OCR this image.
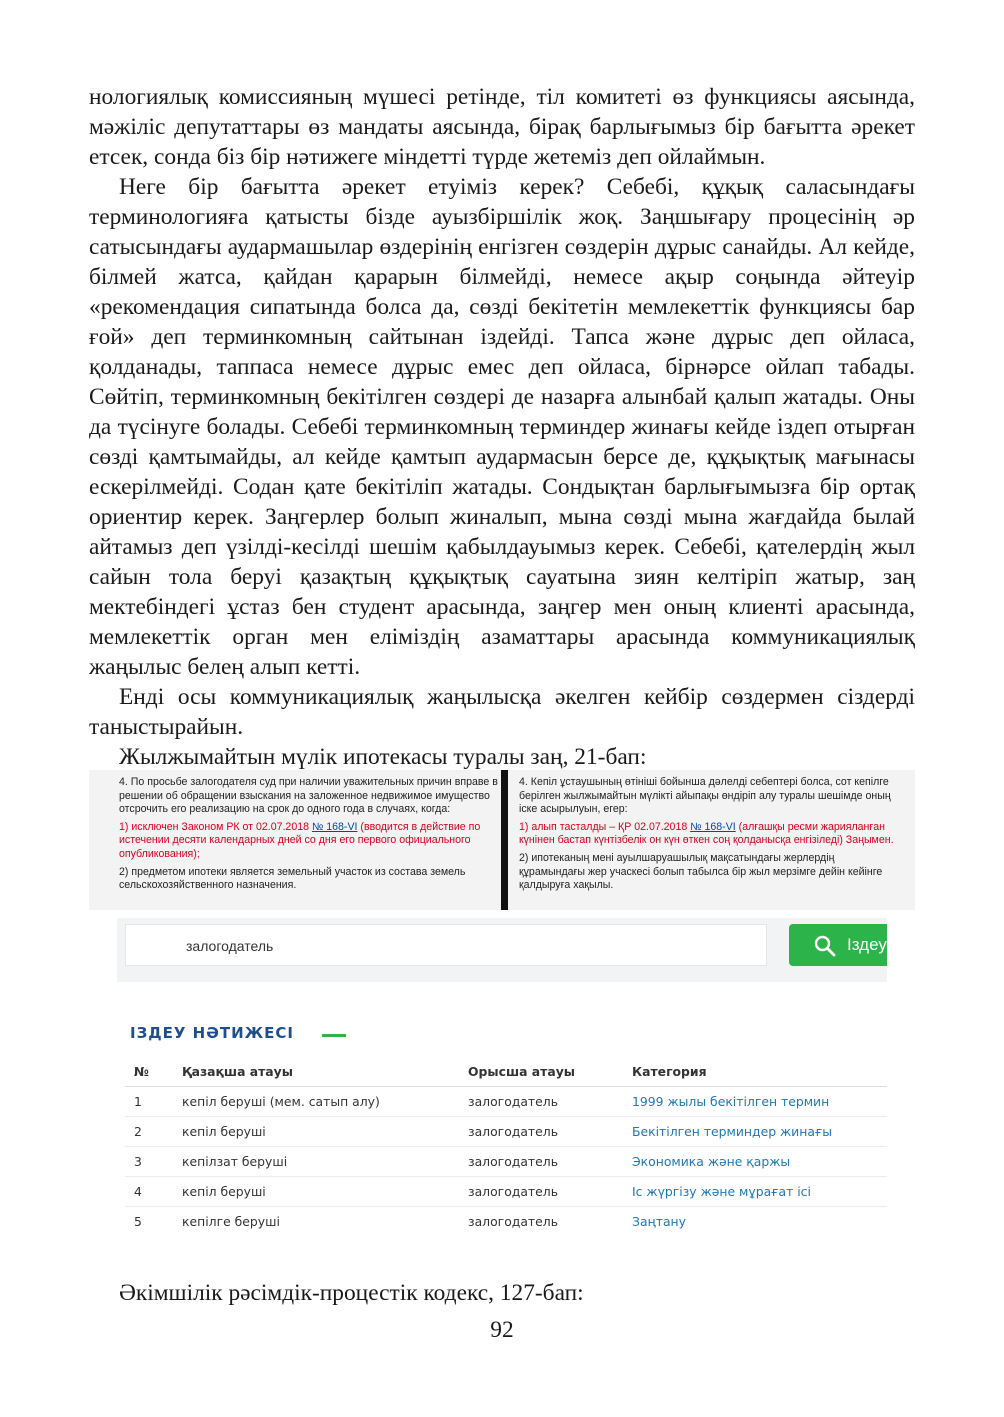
нологиялық комиссияның мүшесі ретінде, тіл комитеті өз функциясы аясында, мәжіліс депутаттары өз мандаты аясында, бірақ барлығымыз бір бағытта әрекет етсек, сонда біз бір нәтижеге міндетті түрде жетеміз деп ойлаймын.

Неге бір бағытта әрекет етуіміз керек? Себебі, құқық саласындағы терминологияға қатысты бізде ауызбіршілік жоқ. Заңшығару процесінің әр сатысындағы аудармашылар өздерінің енгізген сөздерін дұрыс санайды. Ал кейде, білмей жатса, қайдан қарарын білмейді, немесе ақыр соңында әйтеуір «рекомендация сипатында болса да, сөзді бекітетін мемлекеттік функциясы бар ғой» деп терминкомның сайтынан іздейді. Тапса және дұрыс деп ойласа, қолданады, таппаса немесе дұрыс емес деп ойласа, бірнәрсе ойлап табады. Сөйтіп, терминкомның бекітілген сөздері де назарға алынбай қалып жатады. Оны да түсінуге болады. Себебі терминкомның терминдер жинағы кейде іздеп отырған сөзді қамтымайды, ал кейде қамтып аудармасын берсе де, құқықтық мағынасы ескерілмейді. Содан қате бекітіліп жатады. Сондықтан барлығымызға бір ортақ ориентир керек. Заңгерлер болып жиналып, мына сөзді мына жағдайда былай айтамыз деп үзілді-кесілді шешім қабылдауымыз керек. Себебі, қателердің жыл сайын тола беруі қазақтың құқықтық сауатына зиян келтіріп жатыр, заң мектебіндегі ұстаз бен студент арасында, заңгер мен оның клиенті арасында, мемлекеттік орган мен еліміздің азаматтары арасында коммуникациялық жаңылыс белең алып кетті.

Енді осы коммуникациялық жаңылысқа әкелген кейбір сөздермен сіздерді таныстырайын.

Жылжымайтын мүлік ипотекасы туралы заң, 21-бап:

4. По просьбе залогодателя суд при наличии уважительных причин вправе в решении об обращении взыскания на заложенное недвижимое имущество отсрочить его реализацию на срок до одного года в случаях, когда:

1) исключен Законом РК от 02.07.2018 № 168-VI (вводится в действие по истечении десяти календарных дней со дня его первого официального опубликования);

2) предметом ипотеки является земельный участок из состава земель сельскохозяйственного назначения.

4. Кепіл ұстаушының өтініші бойынша дәлелді себептері болса, сот кепілге берілген жылжымайтын мүлікті айыпақы өндіріп алу туралы шешімде оның іске асырылуын, егер:

1) алып тасталды – ҚР 02.07.2018 № 168-VI (алғашқы ресми жарияланған күнінен бастап күнтізбелік он күн өткен соң қолданысқа енгізіледі) Заңымен.

2) ипотеканың мені ауылшаруашылық мақсатындағы жерлердің құрамындағы жер учаскесі болып табылса бір жыл мерзімге дейін кейінге қалдыруға хақылы.

залогодатель	Іздеу
ІЗДЕУ НӘТИЖЕСІ
№	Қазақша атауы	Орысша атауы	Категория
1	кепіл беруші (мем. сатып алу)	залогодатель	1999 жылы бекітілген термин
2	кепіл беруші	залогодатель	Бекітілген терминдер жинағы
3	кепілзат беруші	залогодатель	Экономика және қаржы
4	кепіл беруші	залогодатель	Іс жүргізу және мұрағат ісі
5	кепілге беруші	залогодатель	Заңтану
Әкімшілік рәсімдік-процестік кодекс, 127-бап:
92
